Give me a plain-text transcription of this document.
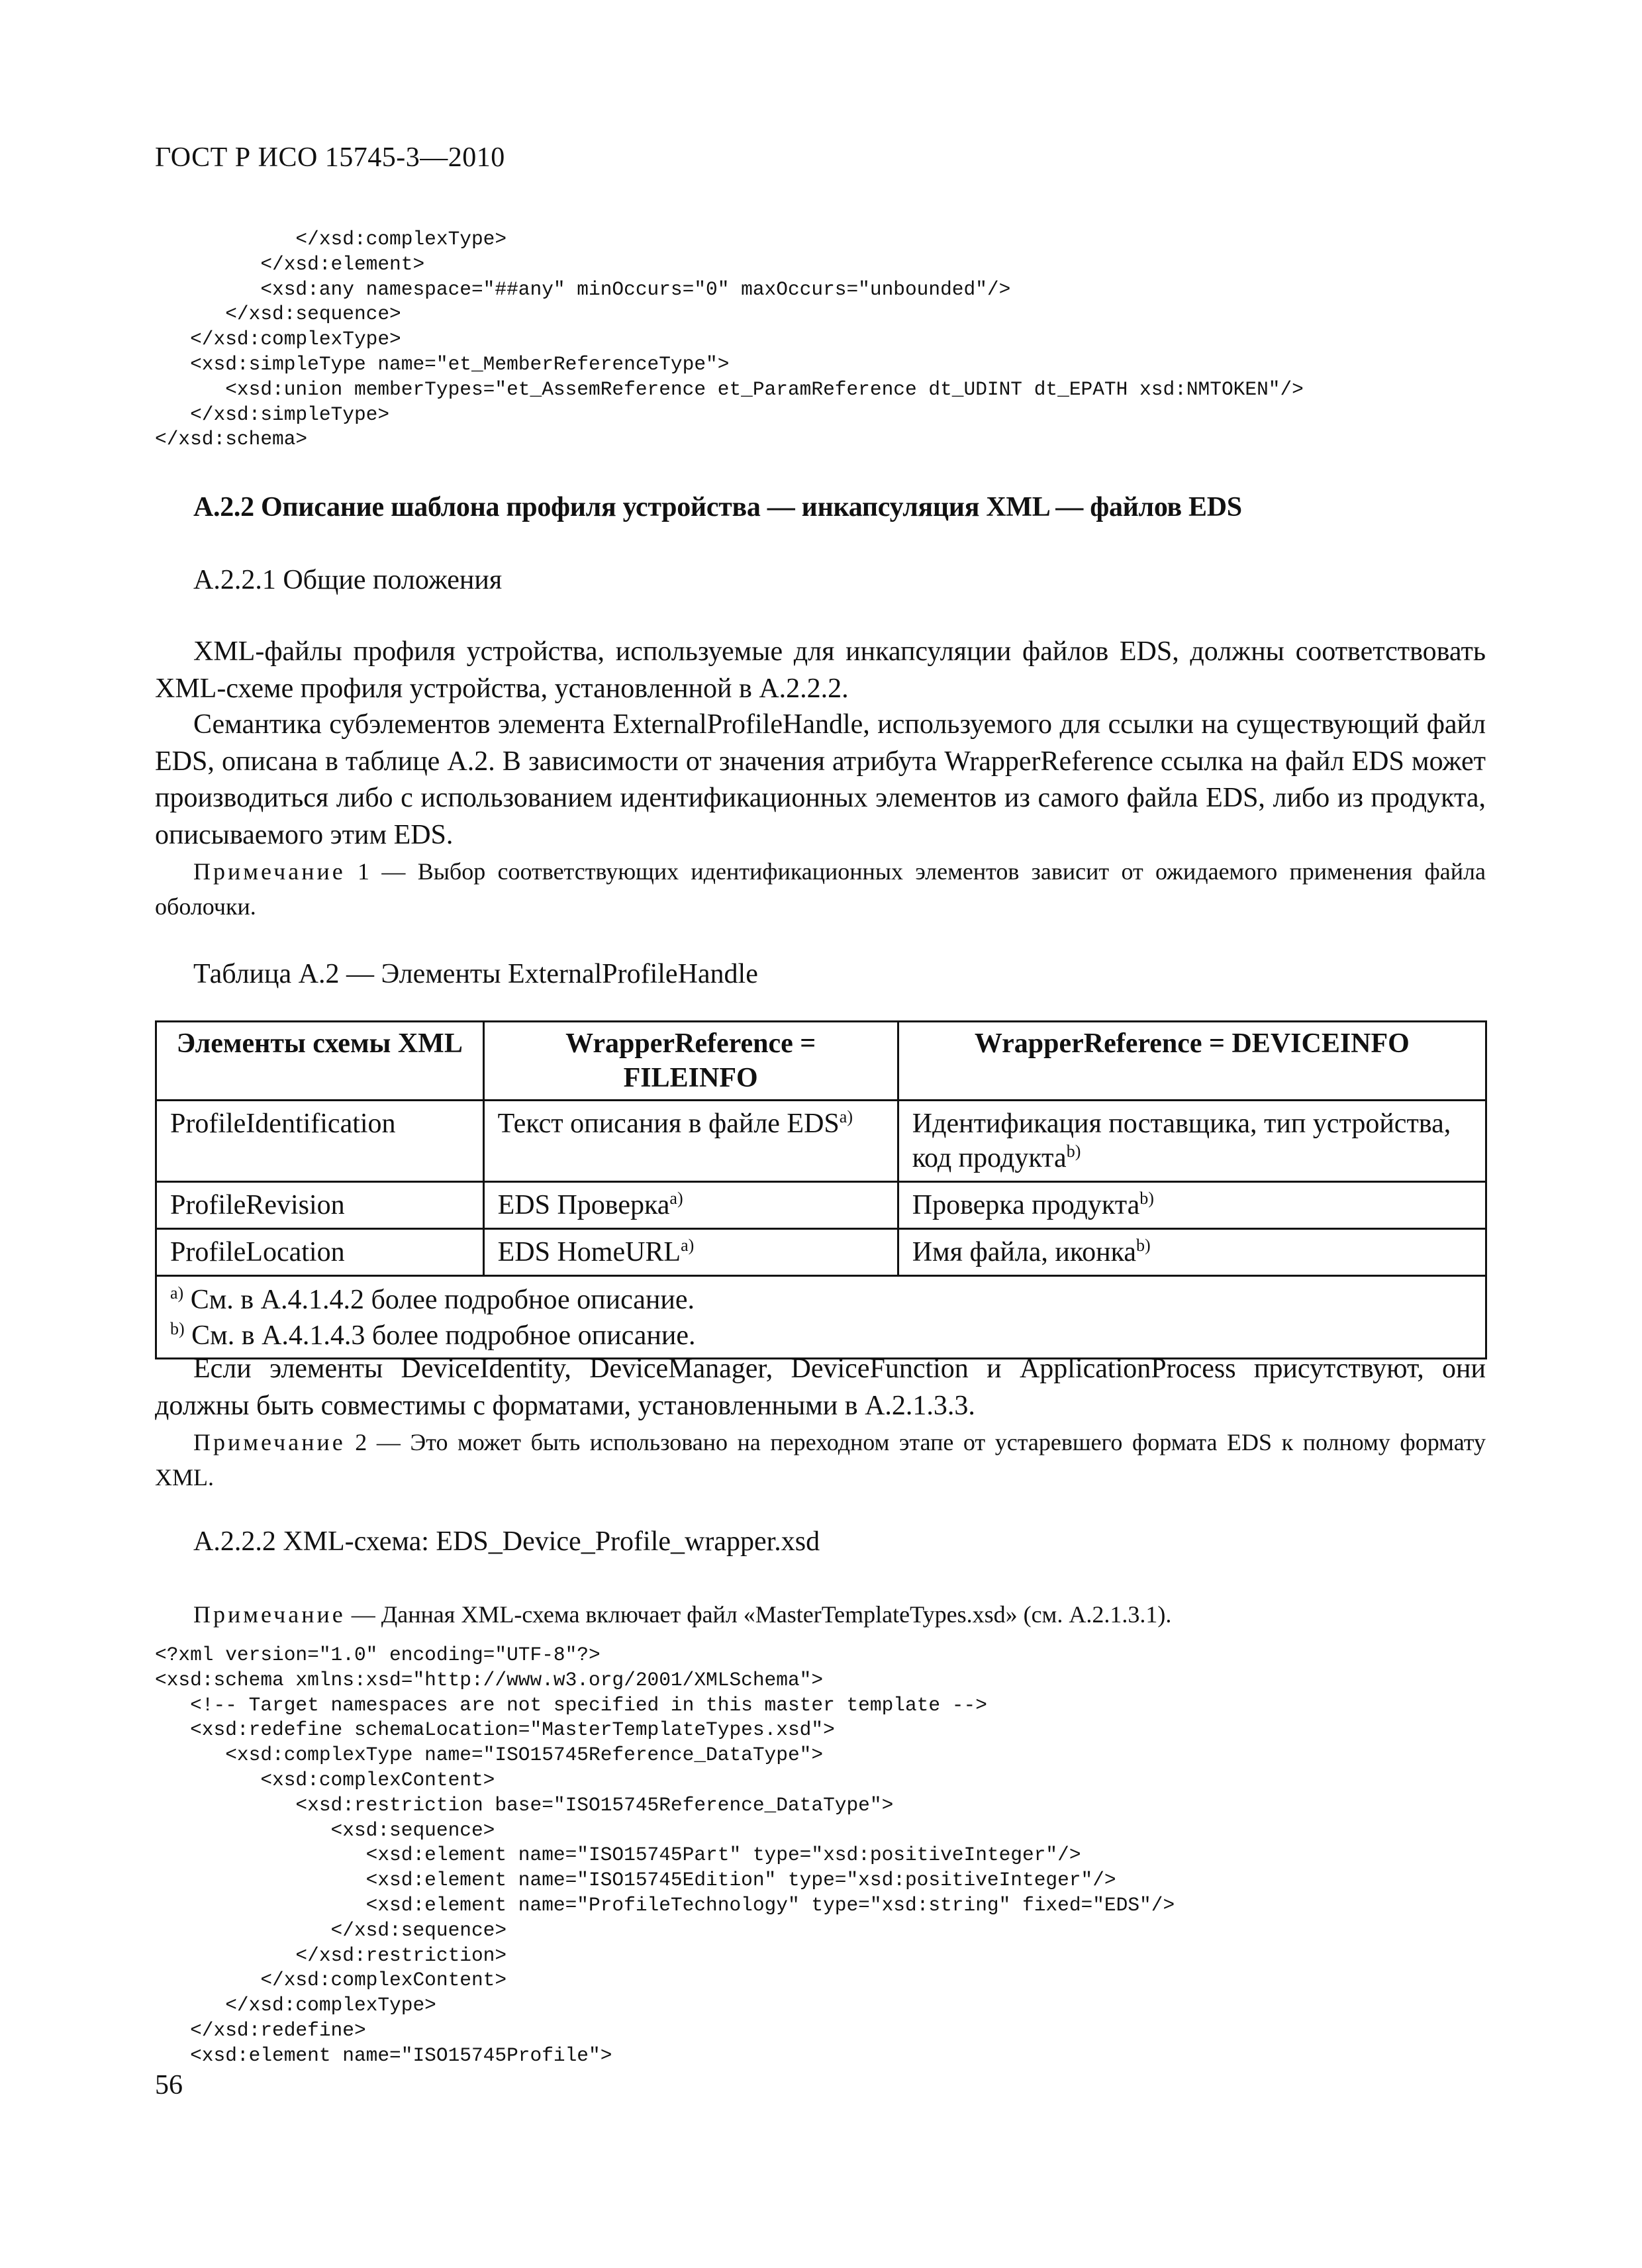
ГОСТ Р ИСО 15745-3—2010
</xsd:complexType>
</xsd:element>
<xsd:any namespace="##any" minOccurs="0" maxOccurs="unbounded"/>
</xsd:sequence>
</xsd:complexType>
<xsd:simpleType name="et_MemberReferenceType">
<xsd:union memberTypes="et_AssemReference et_ParamReference dt_UDINT dt_EPATH xsd:NMTOKEN"/>
</xsd:simpleType>
</xsd:schema>
А.2.2 Описание шаблона профиля устройства — инкапсуляция XML — файлов EDS
А.2.2.1 Общие положения

XML-файлы профиля устройства, используемые для инкапсуляции файлов EDS, должны соответствовать XML-схеме профиля устройства, установленной в А.2.2.2.

Семантика субэлементов элемента ExternalProfileHandle, используемого для ссылки на существующий файл EDS, описана в таблице А.2. В зависимости от значения атрибута WrapperReference ссылка на файл EDS может производиться либо с использованием идентификационных элементов из самого файла EDS, либо из продукта, описываемого этим EDS.

Примечание 1 — Выбор соответствующих идентификационных элементов зависит от ожидаемого применения файла оболочки.

Таблица А.2 — Элементы ExternalProfileHandle
Элементы схемы XML	WrapperReference = FILEINFO	WrapperReference = DEVICEINFO
ProfileIdentification	Текст описания в файле EDS$^{a)}$	Идентификация поставщика, тип устройства, код продукта$^{b)}$
ProfileRevision	EDS Проверка$^{a)}$	Проверка продукта$^{b)}$
ProfileLocation	EDS HomeURL$^{a)}$	Имя файла, иконка$^{b)}$

$^{a)}$ См. в А.4.1.4.2 более подробное описание.
$^{b)}$ См. в А.4.1.4.3 более подробное описание.		

Если элементы DeviceIdentity, DeviceManager, DeviceFunction и ApplicationProcess присутствуют, они должны быть совместимы с форматами, установленными в А.2.1.3.3.

Примечание 2 — Это может быть использовано на переходном этапе от устаревшего формата EDS к полному формату XML.

А.2.2.2 XML-схема: EDS_Device_Profile_wrapper.xsd
Примечание — Данная XML-схема включает файл «MasterTemplateTypes.xsd» (см. А.2.1.3.1).
<?xml version="1.0" encoding="UTF-8"?>
<xsd:schema xmlns:xsd="http://www.w3.org/2001/XMLSchema">
<!-- Target namespaces are not specified in this master template -->
<xsd:redefine schemaLocation="MasterTemplateTypes.xsd">
<xsd:complexType name="ISO15745Reference_DataType">
<xsd:complexContent>
<xsd:restriction base="ISO15745Reference_DataType">
<xsd:sequence>
<xsd:element name="ISO15745Part" type="xsd:positiveInteger"/>
<xsd:element name="ISO15745Edition" type="xsd:positiveInteger"/>
<xsd:element name="ProfileTechnology" type="xsd:string" fixed="EDS"/>
</xsd:sequence>
</xsd:restriction>
</xsd:complexContent>
</xsd:complexType>
</xsd:redefine>
<xsd:element name="ISO15745Profile">
56
